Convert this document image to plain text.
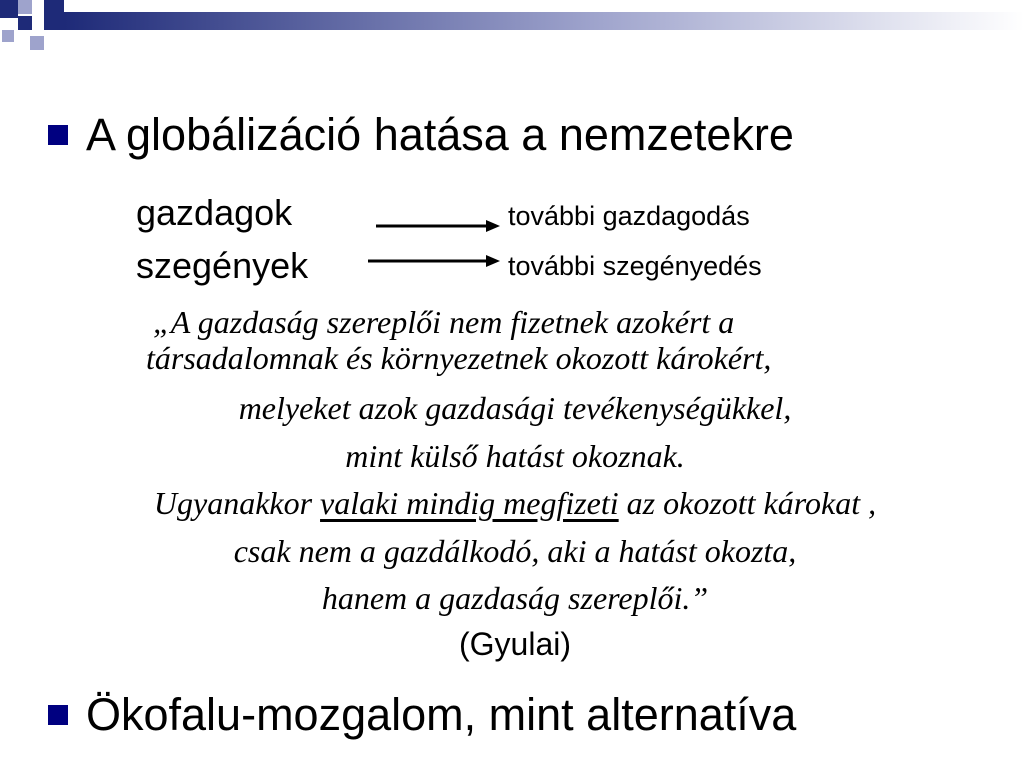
A globálizáció hatása a nemzetekre
gazdagok	további gazdagodás
szegények	további szegényedés
„A gazdaság szereplői nem fizetnek azokért a
társadalomnak és környezetnek okozott károkért,
melyeket azok gazdasági tevékenységükkel,
mint külső hatást okoznak.
Ugyanakkor valaki mindig megfizeti az okozott károkat ,
csak nem a gazdálkodó, aki a hatást okozta,
hanem a gazdaság szereplői.”
(Gyulai)
Ökofalu-mozgalom, mint alternatíva
